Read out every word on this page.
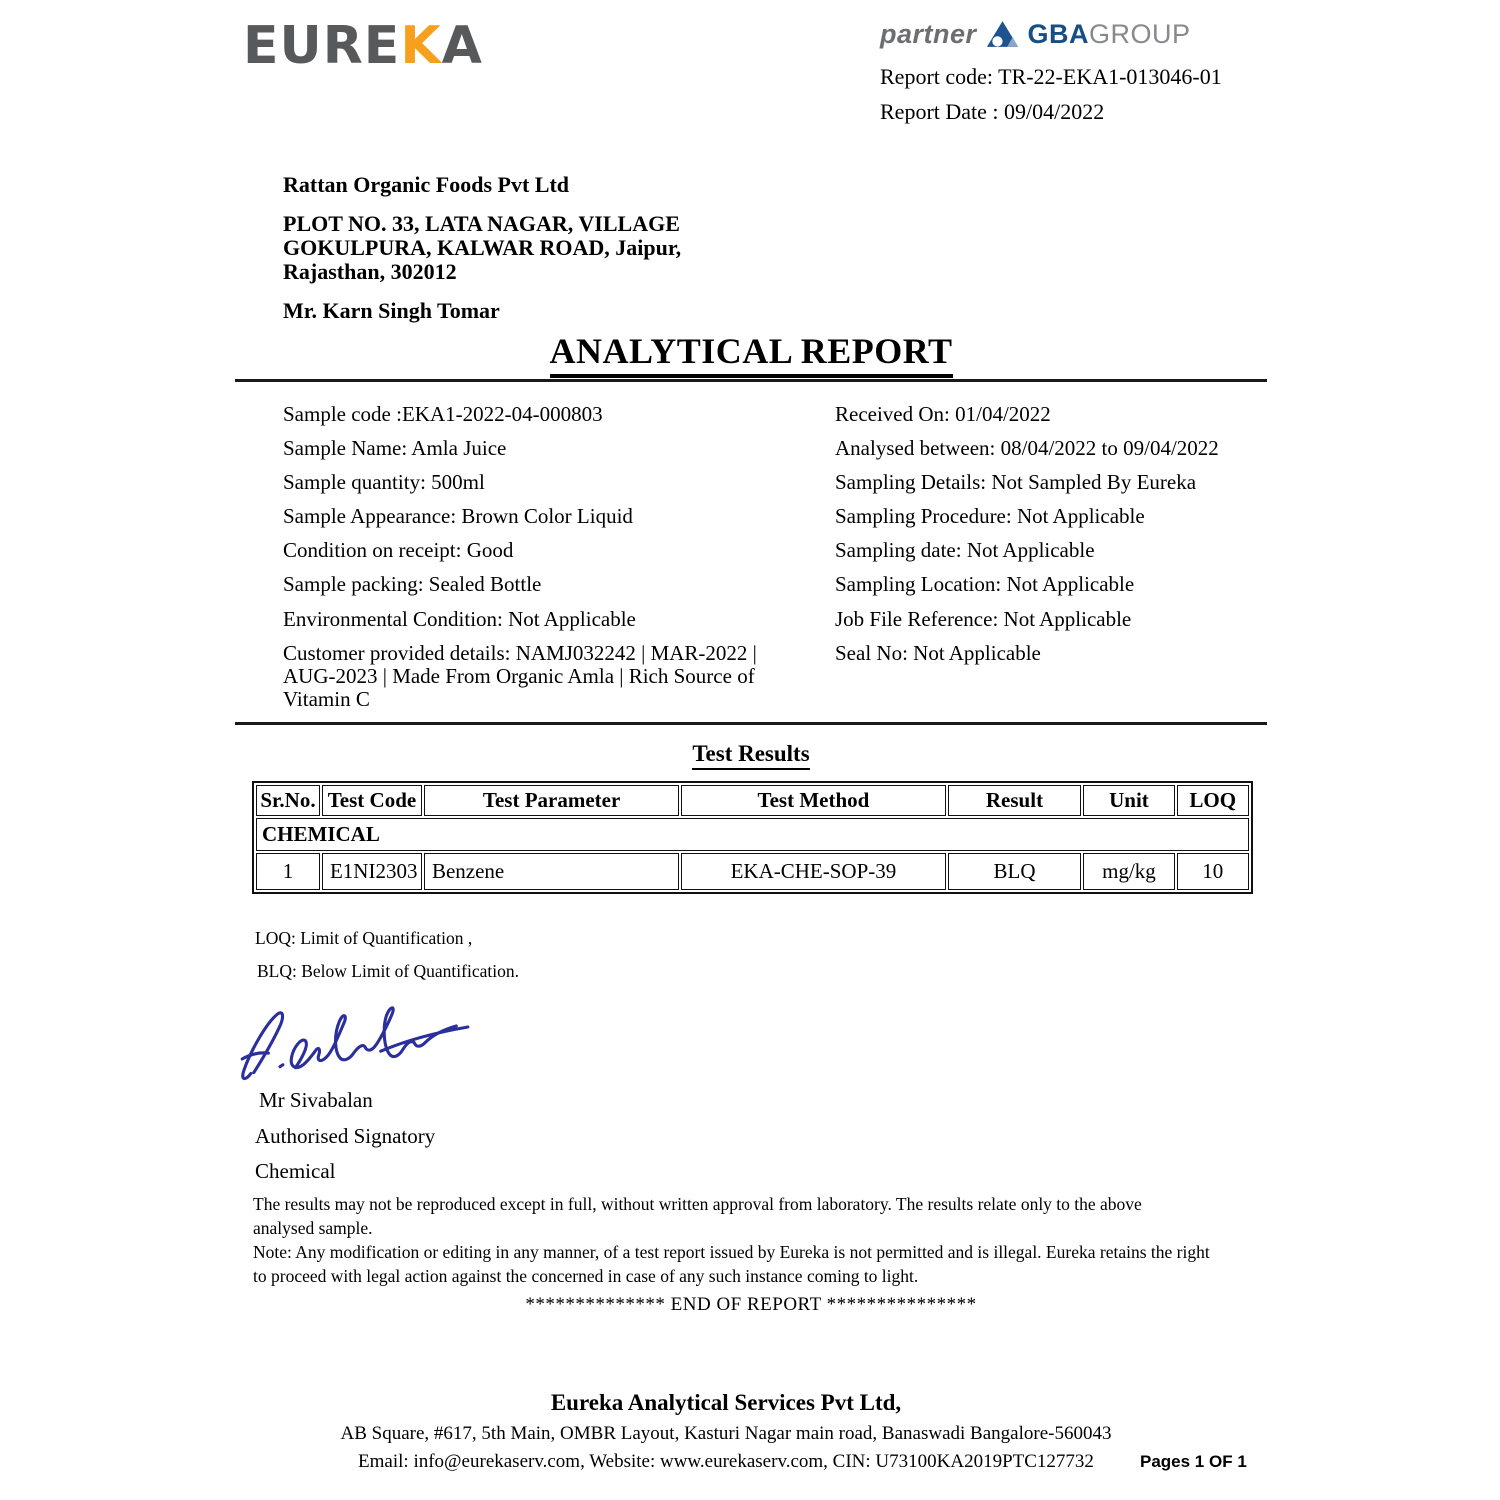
EUREKA	partner GBAGROUP
Report code: TR-22-EKA1-013046-01
Report Date : 09/04/2022
Rattan Organic Foods Pvt Ltd
PLOT NO. 33, LATA NAGAR, VILLAGE
GOKULPURA, KALWAR ROAD, Jaipur,
Rajasthan, 302012
Mr. Karn Singh Tomar
ANALYTICAL REPORT
Sample code :EKA1-2022-04-000803
Sample Name: Amla Juice
Sample quantity: 500ml
Sample Appearance: Brown Color Liquid
Condition on receipt: Good
Sample packing: Sealed Bottle
Environmental Condition: Not Applicable
Customer provided details: NAMJ032242 | MAR-2022 | AUG-2023 | Made From Organic Amla | Rich Source of Vitamin C
Received On: 01/04/2022
Analysed between: 08/04/2022 to 09/04/2022
Sampling Details: Not Sampled By Eureka
Sampling Procedure: Not Applicable
Sampling date: Not Applicable
Sampling Location: Not Applicable
Job File Reference: Not Applicable
Seal No: Not Applicable
Test Results
Sr.No.	Test Code	Test Parameter	Test Method	Result	Unit	LOQ
CHEMICAL						
1	E1NI2303	Benzene	EKA-CHE-SOP-39	BLQ	mg/kg	10
LOQ: Limit of Quantification ,
BLQ: Below Limit of Quantification.
Mr Sivabalan
Authorised Signatory
Chemical
The results may not be reproduced except in full, without written approval from laboratory. The results relate only to the above analysed sample.
Note: Any modification or editing in any manner, of a test report issued by Eureka is not permitted and is illegal. Eureka retains the right to proceed with legal action against the concerned in case of any such instance coming to light.
************** END OF REPORT ***************
Eureka Analytical Services Pvt Ltd,
AB Square, #617, 5th Main, OMBR Layout, Kasturi Nagar main road, Banaswadi Bangalore-560043
Email: info@eurekaserv.com, Website: www.eurekaserv.com, CIN: U73100KA2019PTC127732	Pages 1 OF 1
